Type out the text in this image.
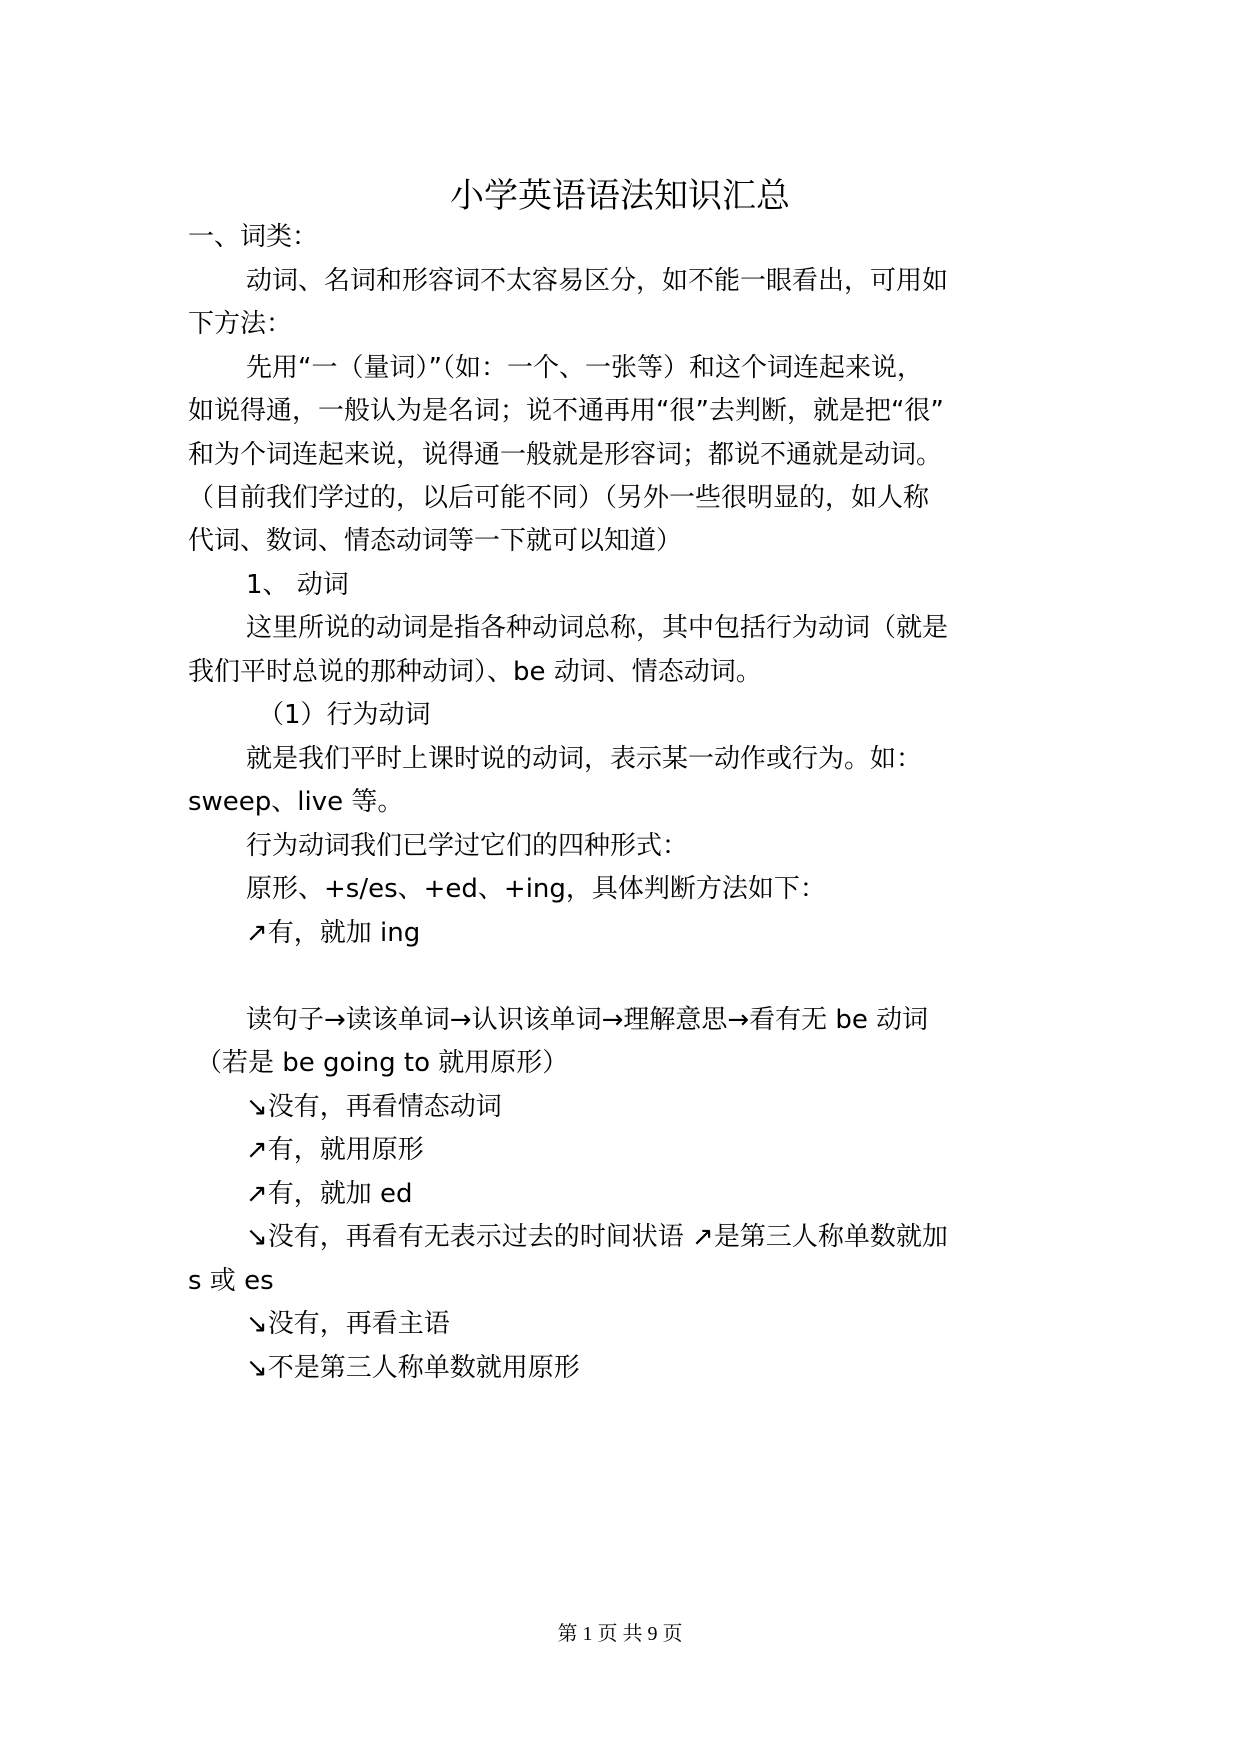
小学英语语法知识汇总
一、词类：
动词、名词和形容词不太容易区分，如不能一眼看出，可用如
下方法：
先用“一（量词）”（如：一个、一张等）和这个词连起来说，
如说得通，一般认为是名词；说不通再用“很”去判断，就是把“很”
和为个词连起来说，说得通一般就是形容词；都说不通就是动词。
（目前我们学过的，以后可能不同）（另外一些很明显的，如人称
代词、数词、情态动词等一下就可以知道）
1、 动词
这里所说的动词是指各种动词总称，其中包括行为动词（就是
我们平时总说的那种动词）、be 动词、情态动词。
（1）行为动词
就是我们平时上课时说的动词，表示某一动作或行为。如：
sweep、live 等。
行为动词我们已学过它们的四种形式：
原形、+s/es、+ed、+ing，具体判断方法如下：
↗有，就加 ing
读句子→读该单词→认识该单词→理解意思→看有无 be 动词
（若是 be going to 就用原形）
↘没有，再看情态动词
↗有，就用原形
↗有，就加 ed
↘没有，再看有无表示过去的时间状语 ↗是第三人称单数就加
s 或 es
↘没有，再看主语
↘不是第三人称单数就用原形
第 1 页 共 9 页
